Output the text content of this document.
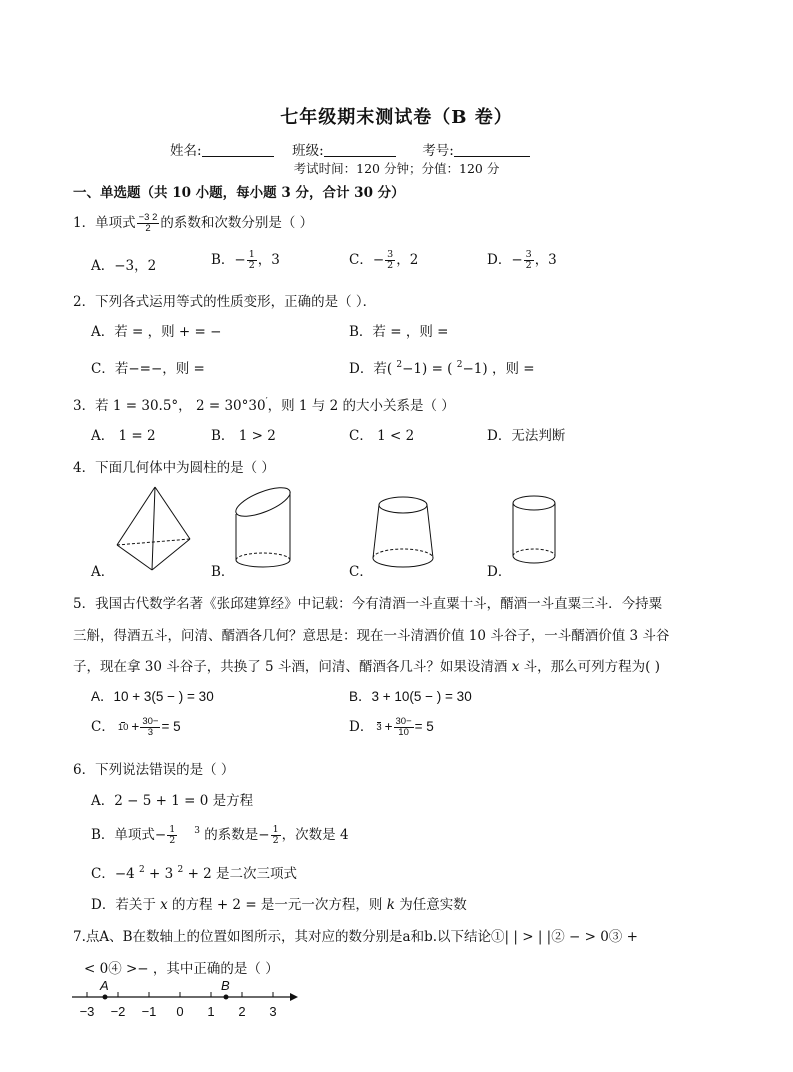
七年级期末测试卷（B 卷）
姓名:	班级:	考号:
考试时间：120 分钟；分值：120 分
一、单选题（共 10 小题，每小题 3 分，合计 30 分）
1．单项式 $\frac{-3 2}{2}$ 的系数和次数分别是（ ）
A．−3，2	B．− $\frac{1}{2}$ ，3	C．− $\frac{3}{2}$ ，2	D．− $\frac{3}{2}$ ，3
2．下列各式运用等式的性质变形，正确的是（ ）．
A．若 = ，则 + = −	B．若 = ，则 =
C．若−=−，则 =	D．若( $^2$−1) = ( $^2$−1) ，则 =
3．若 1 = 30.5°， 2 = 30°30′，则 1 与 2 的大小关系是（ ）
A． 1 = 2	B． 1 > 2	C． 1 < 2	D．无法判断
4．下面几何体中为圆柱的是（ ）
A．	B．	C．	D．
5．我国古代数学名著《张邱建算经》中记载：今有清酒一斗直粟十斗，醑酒一斗直粟三斗．今持粟
三斛，得酒五斗，问清、醑酒各几何？意思是：现在一斗清酒价值 10 斗谷子，一斗醑酒价值 3 斗谷
子，现在拿 30 斗谷子，共换了 5 斗酒，问清、醑酒各几斗？如果设清酒 x 斗，那么可列方程为( )
A．10 + 3(5 − ) = 30	B．3 + 10(5 − ) = 30
C． $10 + \frac{30-}{3} = 5$	D． $3 + \frac{30-}{10} = 5$
6．下列说法错误的是（ ）
A．2 − 5 + 1 = 0 是方程
B．单项式− $\frac{1}{2} ^3$ 的系数是− $\frac{1}{2}$ ，次数是 4
C．−4 $^2$ + 3 $^2$ + 2 是二次三项式
D．若关于 x 的方程 + 2 = 是一元一次方程，则 k 为任意实数
7.点A、B在数轴上的位置如图所示，其对应的数分别是a和b.以下结论①| | > | |② − > 0③ +
< 0④ >− ，其中正确的是（ ）
−3 −2 −1 0 1 2 3
A	B
